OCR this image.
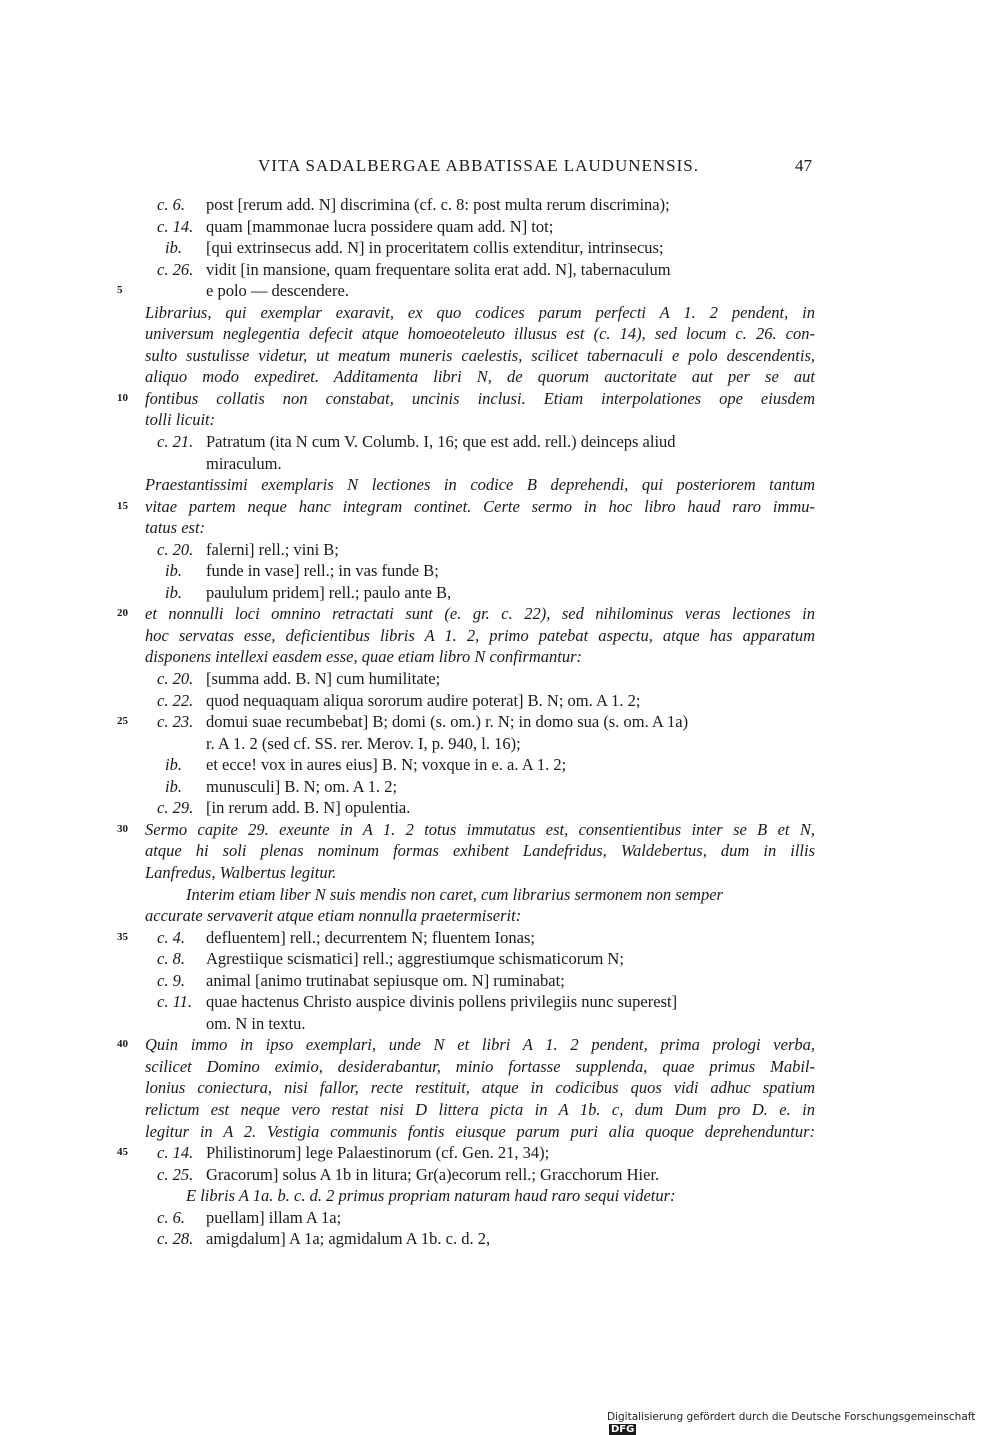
VITA SADALBERGAE ABBATISSAE LAUDUNENSIS.	47
c. 6. post [rerum add. N] discrimina (cf. c. 8: post multa rerum discrimina);
c. 14. quam [mammonae lucra possidere quam add. N] tot;
ib. [qui extrinsecus add. N] in proceritatem collis extenditur, intrinsecus;
c. 26. vidit [in mansione, quam frequentare solita erat add. N], tabernaculum
5	e polo — descendere.
Librarius, qui exemplar exaravit, ex quo codices parum perfecti A 1. 2 pendent, in
universum neglegentia defecit atque homoeoteleuto illusus est (c. 14), sed locum c. 26. con-
sulto sustulisse videtur, ut meatum muneris caelestis, scilicet tabernaculi e polo descendentis,
aliquo modo expediret. Additamenta libri N, de quorum auctoritate aut per se aut
10	fontibus collatis non constabat, uncinis inclusi. Etiam interpolationes ope eiusdem
tolli licuit:
c. 21. Patratum (ita N cum V. Columb. I, 16; que est add. rell.) deinceps aliud
miraculum.
Praestantissimi exemplaris N lectiones in codice B deprehendi, qui posteriorem tantum
15	vitae partem neque hanc integram continet. Certe sermo in hoc libro haud raro immu-
tatus est:
c. 20. falerni] rell.; vini B;
ib. funde in vase] rell.; in vas funde B;
ib. paululum pridem] rell.; paulo ante B,
20	et nonnulli loci omnino retractati sunt (e. gr. c. 22), sed nihilominus veras lectiones in
hoc servatas esse, deficientibus libris A 1. 2, primo patebat aspectu, atque has apparatum
disponens intellexi easdem esse, quae etiam libro N confirmantur:
c. 20. [summa add. B. N] cum humilitate;
c. 22. quod nequaquam aliqua sororum audire poterat] B. N; om. A 1. 2;
25	c. 23. domui suae recumbebat] B; domi (s. om.) r. N; in domo sua (s. om. A 1a)
r. A 1. 2 (sed cf. SS. rer. Merov. I, p. 940, l. 16);
ib. et ecce! vox in aures eius] B. N; voxque in e. a. A 1. 2;
ib. munusculi] B. N; om. A 1. 2;
c. 29. [in rerum add. B. N] opulentia.
30	Sermo capite 29. exeunte in A 1. 2 totus immutatus est, consentientibus inter se B et N,
atque hi soli plenas nominum formas exhibent Landefridus, Waldebertus, dum in illis
Lanfredus, Walbertus legitur.
Interim etiam liber N suis mendis non caret, cum librarius sermonem non semper
accurate servaverit atque etiam nonnulla praetermiserit:
35	c. 4. defluentem] rell.; decurrentem N; fluentem Ionas;
c. 8. Agrestiique scismatici] rell.; aggrestiumque schismaticorum N;
c. 9. animal [animo trutinabat sepiusque om. N] ruminabat;
c. 11. quae hactenus Christo auspice divinis pollens privilegiis nunc superest]
om. N in textu.
40	Quin immo in ipso exemplari, unde N et libri A 1. 2 pendent, prima prologi verba,
scilicet Domino eximio, desiderabantur, minio fortasse supplenda, quae primus Mabil-
lonius coniectura, nisi fallor, recte restituit, atque in codicibus quos vidi adhuc spatium
relictum est neque vero restat nisi D littera picta in A 1b. c, dum Dum pro D. e. in
legitur in A 2. Vestigia communis fontis eiusque parum puri alia quoque deprehenduntur:
45	c. 14. Philistinorum] lege Palaestinorum (cf. Gen. 21, 34);
c. 25. Gracorum] solus A 1b in litura; Gr(a)ecorum rell.; Gracchorum Hier.
E libris A 1a. b. c. d. 2 primus propriam naturam haud raro sequi videtur:
c. 6. puellam] illam A 1a;
c. 28. amigdalum] A 1a; agmidalum A 1b. c. d. 2,
Digitalisierung gefördert durch die Deutsche Forschungsgemeinschaft DFG
